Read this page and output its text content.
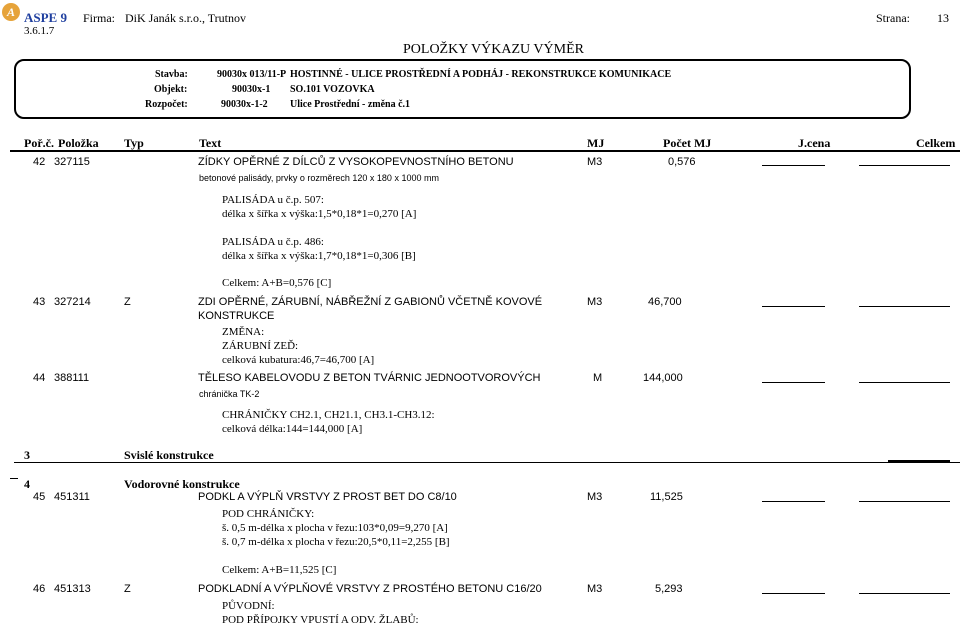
A ASPE 9
3.6.1.7
Firma: DiK Janák s.r.o., Trutnov	Strana: 13
POLOŽKY VÝKAZU VÝMĚR
Stavba:	90030x 013/11-P HOSTINNÉ - ULICE PROSTŘEDNÍ A PODHÁJ - REKONSTRUKCE KOMUNIKACE
Objekt:	90030x-1 SO.101 VOZOVKA
Rozpočet:	90030x-1-2 Ulice Prostřední - změna č.1
Poř.č. Položka Typ	Text	MJ	Počet MJ	J.cena	Celkem
42 327115	ZÍDKY OPĚRNÉ Z DÍLCŮ Z VYSOKOPEVNOSTNÍHO BETONU	M3	0,576
betonové palisády, prvky o rozměrech 120 x 180 x 1000 mm
PALISÁDA u č.p. 507:
délka x šířka x výška:1,5*0,18*1=0,270 [A]
PALISÁDA u č.p. 486:
délka x šířka x výška:1,7*0,18*1=0,306 [B]
Celkem: A+B=0,576 [C]
43 327214	Z	ZDI OPĚRNÉ, ZÁRUBNÍ, NÁBŘEŽNÍ Z GABIONŮ VČETNĚ KOVOVÉ
KONSTRUKCE
M3	46,700
ZMĚNA:
ZÁRUBNÍ ZEĎ:
celková kubatura:46,7=46,700 [A]
44 388111	TĚLESO KABELOVODU Z BETON TVÁRNIC JEDNOOTVOROVÝCH	M	144,000
chránička TK-2
CHRÁNIČKY CH2.1, CH21.1, CH3.1-CH3.12:
celková délka:144=144,000 [A]
3	Svislé konstrukce
4	Vodorovné konstrukce
45 451311	PODKL A VÝPLŇ VRSTVY Z PROST BET DO C8/10	M3	11,525
POD CHRÁNIČKY:
š. 0,5 m-délka x plocha v řezu:103*0,09=9,270 [A]
š. 0,7 m-délka x plocha v řezu:20,5*0,11=2,255 [B]
Celkem: A+B=11,525 [C]
46 451313	Z	PODKLADNÍ A VÝPLŇOVÉ VRSTVY Z PROSTÉHO BETONU C16/20	M3	5,293
PŮVODNÍ:
POD PŘÍPOJKY VPUSTÍ A ODV. ŽLABŮ:
